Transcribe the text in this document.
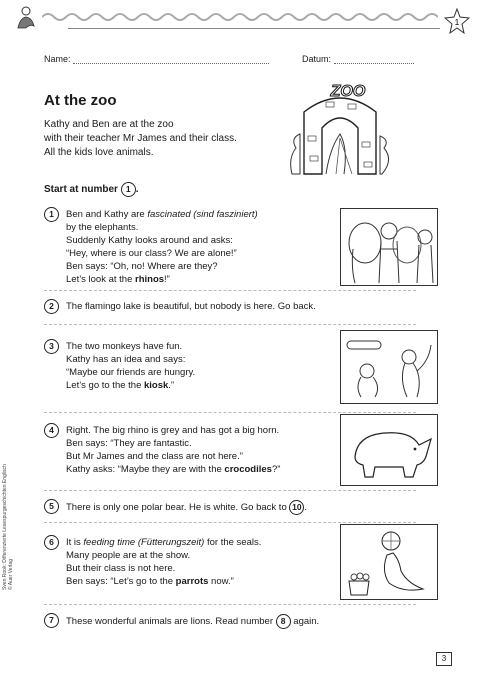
1
Name:	Datum:
At the zoo
Kathy and Ben are at the zoo
with their teacher Mr James and their class.
All the kids love animals.
ZOO
Start at number 1 .
1	Ben and Kathy are fascinated (sind fasziniert)
by the elephants.
Suddenly Kathy looks around and asks:
“Hey, where is our class? We are alone!”
Ben says: “Oh, no! Where are they?
Let’s look at the rhinos!”
2	The flamingo lake is beautiful, but nobody is here. Go back.
3	The two monkeys have fun.
Kathy has an idea and says:
“Maybe our friends are hungry.
Let’s go to the the kiosk.”
4	Right. The big rhino is grey and has got a big horn.
Ben says: “They are fantastic.
But Mr James and the class are not here.”
Kathy asks: “Maybe they are with the crocodiles?”
5	There is only one polar bear. He is white. Go back to 10 .
6	It is feeding time (Fütterungszeit) for the seals.
Many people are at the show.
But their class is not here.
Ben says: “Let’s go to the parrots now.”
7	These wonderful animals are lions. Read number 8 again.
Sven Rook: Differenzierte Lesespurgeschichten Englisch © Auer Verlag
3
